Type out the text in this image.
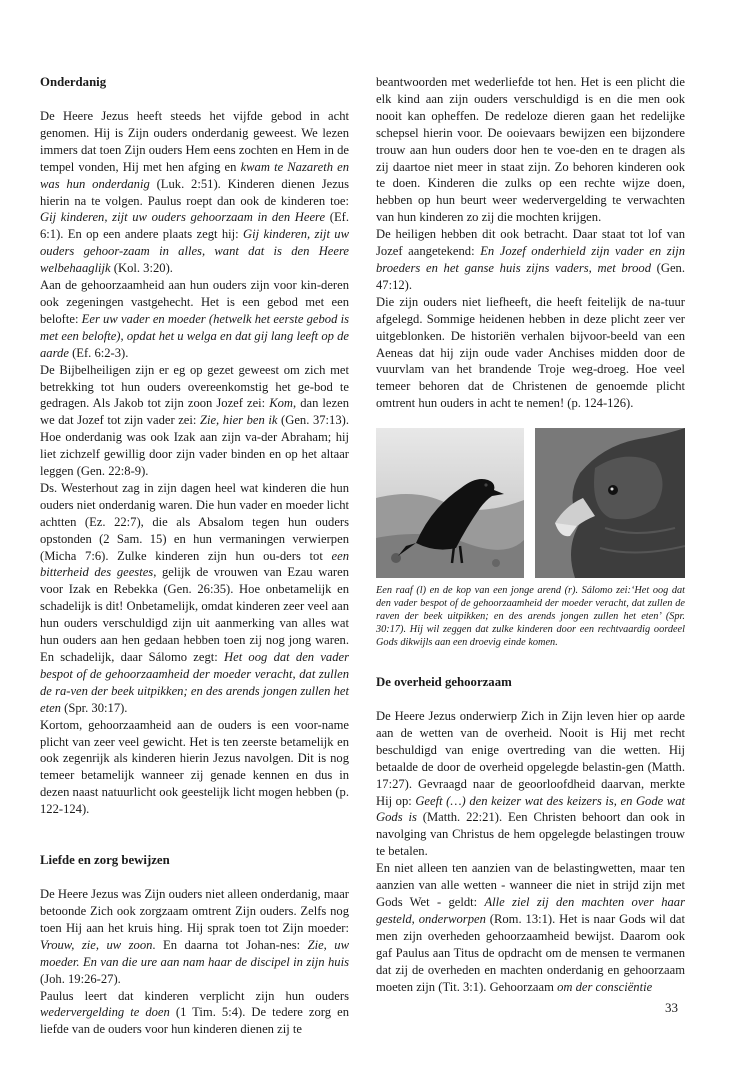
Onderdanig

De Heere Jezus heeft steeds het vijfde gebod in acht genomen. Hij is Zijn ouders onderdanig geweest. We lezen immers dat toen Zijn ouders Hem eens zochten en Hem in de tempel vonden, Hij met hen afging en kwam te Nazareth en was hun onderdanig (Luk. 2:51). Kinderen dienen Jezus hierin na te volgen. Paulus roept dan ook de kinderen toe: Gij kinderen, zijt uw ouders gehoorzaam in den Heere (Ef. 6:1). En op een andere plaats zegt hij: Gij kinderen, zijt uw ouders gehoor-zaam in alles, want dat is den Heere welbehaaglijk (Kol. 3:20).

Aan de gehoorzaamheid aan hun ouders zijn voor kin-deren ook zegeningen vastgehecht. Het is een gebod met een belofte: Eer uw vader en moeder (hetwelk het eerste gebod is met een belofte), opdat het u welga en dat gij lang leeft op de aarde (Ef. 6:2-3).

De Bijbelheiligen zijn er eg op gezet geweest om zich met betrekking tot hun ouders overeenkomstig het ge-bod te gedragen. Als Jakob tot zijn zoon Jozef zei: Kom, dan lezen we dat Jozef tot zijn vader zei: Zie, hier ben ik (Gen. 37:13). Hoe onderdanig was ook Izak aan zijn va-der Abraham; hij liet zichzelf gewillig door zijn vader binden en op het altaar leggen (Gen. 22:8-9).

Ds. Westerhout zag in zijn dagen heel wat kinderen die hun ouders niet onderdanig waren. Die hun vader en moeder licht achtten (Ez. 22:7), die als Absalom tegen hun ouders opstonden (2 Sam. 15) en hun vermaningen verwierpen (Micha 7:6). Zulke kinderen zijn hun ou-ders tot een bitterheid des geestes, gelijk de vrouwen van Ezau waren voor Izak en Rebekka (Gen. 26:35). Hoe onbetamelijk en schadelijk is dit! Onbetamelijk, omdat kinderen zeer veel aan hun ouders verschuldigd zijn uit aanmerking van alles wat hun ouders aan hen gedaan hebben toen zij nog jong waren. En schadelijk, daar Sálomo zegt: Het oog dat den vader bespot of de gehoorzaamheid der moeder veracht, dat zullen de ra-ven der beek uitpikken; en des arends jongen zullen het eten (Spr. 30:17).

Kortom, gehoorzaamheid aan de ouders is een voor-name plicht van zeer veel gewicht. Het is ten zeerste betamelijk en ook zegenrijk als kinderen hierin Jezus navolgen. Dit is nog temeer betamelijk wanneer zij genade kennen en dus in dezen naast natuurlicht ook geestelijk licht mogen hebben (p. 122-124).

Liefde en zorg bewijzen

De Heere Jezus was Zijn ouders niet alleen onderdanig, maar betoonde Zich ook zorgzaam omtrent Zijn ouders. Zelfs nog toen Hij aan het kruis hing. Hij sprak toen tot Zijn moeder: Vrouw, zie, uw zoon. En daarna tot Johan-nes: Zie, uw moeder. En van die ure aan nam haar de discipel in zijn huis (Joh. 19:26-27).

Paulus leert dat kinderen verplicht zijn hun ouders wedervergelding te doen (1 Tim. 5:4). De tedere zorg en liefde van de ouders voor hun kinderen dienen zij te

beantwoorden met wederliefde tot hen. Het is een plicht die elk kind aan zijn ouders verschuldigd is en die men ook nooit kan opheffen. De redeloze dieren gaan het redelijke schepsel hierin voor. De ooievaars bewijzen een bijzondere trouw aan hun ouders door hen te voe-den en te dragen als zij daartoe niet meer in staat zijn. Zo behoren kinderen ook te doen. Kinderen die zulks op een rechte wijze doen, hebben op hun beurt weer wedervergelding te verwachten van hun kinderen zo zij die mochten krijgen.

De heiligen hebben dit ook betracht. Daar staat tot lof van Jozef aangetekend: En Jozef onderhield zijn vader en zijn broeders en het ganse huis zijns vaders, met brood (Gen. 47:12).

Die zijn ouders niet liefheeft, die heeft feitelijk de na-tuur afgelegd. Sommige heidenen hebben in deze plicht zeer ver uitgeblonken. De historiën verhalen bijvoor-beeld van een Aeneas dat hij zijn oude vader Anchises midden door de vuurvlam van het brandende Troje weg-droeg. Hoe veel temeer behoren dat de Christenen de genoemde plicht omtrent hun ouders in acht te nemen! (p. 124-126).

Een raaf (l) en de kop van een jonge arend (r). Sálomo zei:‘Het oog dat den vader bespot of de gehoorzaamheid der moeder veracht, dat zullen de raven der beek uitpikken; en des arends jongen zullen het eten’ (Spr. 30:17). Hij wil zeggen dat zulke kinderen door een rechtvaardig oordeel Gods dikwijls aan een droevig einde komen.
De overheid gehoorzaam

De Heere Jezus onderwierp Zich in Zijn leven hier op aarde aan de wetten van de overheid. Nooit is Hij met recht beschuldigd van enige overtreding van die wetten. Hij betaalde de door de overheid opgelegde belastin-gen (Matth. 17:27). Gevraagd naar de geoorloofdheid daarvan, merkte Hij op: Geeft (…) den keizer wat des keizers is, en Gode wat Gods is (Matth. 22:21). Een Christen behoort dan ook in navolging van Christus de hem opgelegde belastingen trouw te betalen.

En niet alleen ten aanzien van de belastingwetten, maar ten aanzien van alle wetten - wanneer die niet in strijd zijn met Gods Wet - geldt: Alle ziel zij den machten over haar gesteld, onderworpen (Rom. 13:1). Het is naar Gods wil dat men zijn overheden gehoorzaamheid bewijst. Daarom ook gaf Paulus aan Titus de opdracht om de mensen te vermanen dat zij de overheden en machten onderdanig en gehoorzaam moeten zijn (Tit. 3:1). Gehoorzaam om der consciëntie

33
